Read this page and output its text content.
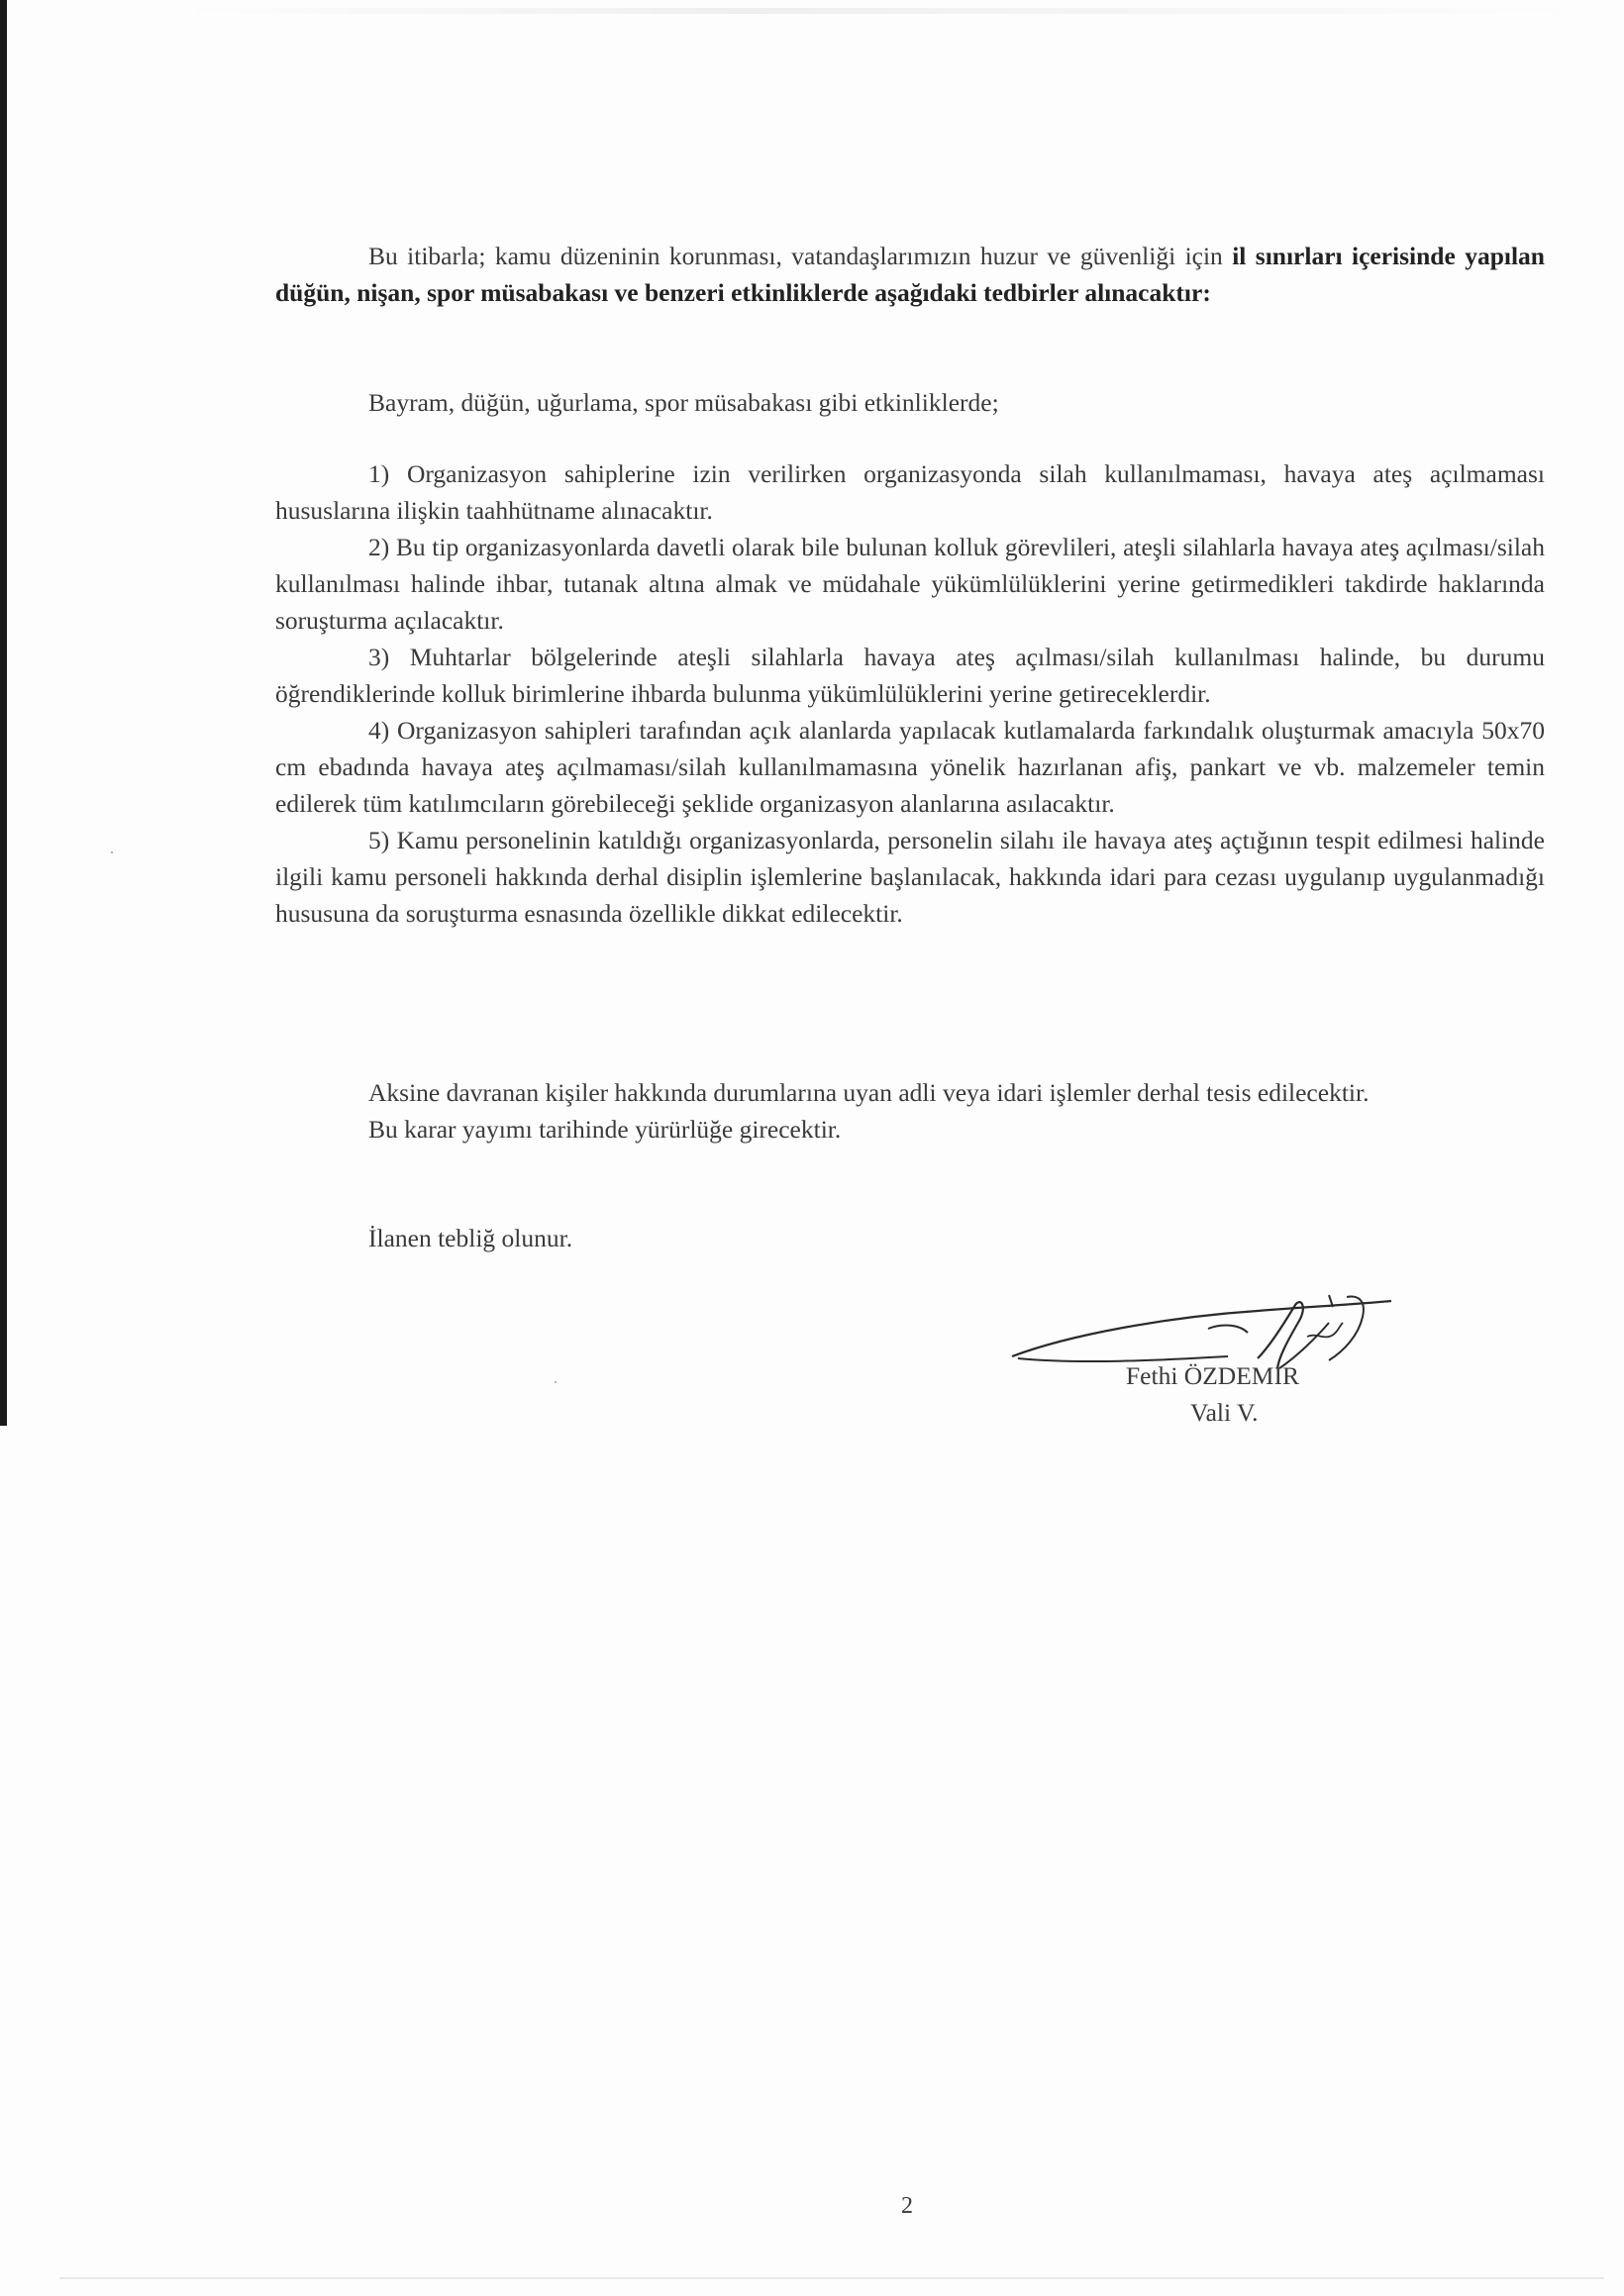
Bu itibarla; kamu düzeninin korunması, vatandaşlarımızın huzur ve güvenliği için il sınırları içerisinde yapılan düğün, nişan, spor müsabakası ve benzeri etkinliklerde aşağıdaki tedbirler alınacaktır:

Bayram, düğün, uğurlama, spor müsabakası gibi etkinliklerde;

1) Organizasyon sahiplerine izin verilirken organizasyonda silah kullanılmaması, havaya ateş açılmaması hususlarına ilişkin taahhütname alınacaktır.

2) Bu tip organizasyonlarda davetli olarak bile bulunan kolluk görevlileri, ateşli silahlarla havaya ateş açılması/silah kullanılması halinde ihbar, tutanak altına almak ve müdahale yükümlülüklerini yerine getirmedikleri takdirde haklarında soruşturma açılacaktır.

3) Muhtarlar bölgelerinde ateşli silahlarla havaya ateş açılması/silah kullanılması halinde, bu durumu öğrendiklerinde kolluk birimlerine ihbarda bulunma yükümlülüklerini yerine getireceklerdir.

4) Organizasyon sahipleri tarafından açık alanlarda yapılacak kutlamalarda farkındalık oluşturmak amacıyla 50x70 cm ebadında havaya ateş açılmaması/silah kullanılmamasına yönelik hazırlanan afiş, pankart ve vb. malzemeler temin edilerek tüm katılımcıların görebileceği şeklide organizasyon alanlarına asılacaktır.

5) Kamu personelinin katıldığı organizasyonlarda, personelin silahı ile havaya ateş açtığının tespit edilmesi halinde ilgili kamu personeli hakkında derhal disiplin işlemlerine başlanılacak, hakkında idari para cezası uygulanıp uygulanmadığı hususuna da soruşturma esnasında özellikle dikkat edilecektir.

Aksine davranan kişiler hakkında durumlarına uyan adli veya idari işlemler derhal tesis edilecektir.

Bu karar yayımı tarihinde yürürlüğe girecektir.

İlanen tebliğ olunur.

Fethi ÖZDEMİR
Vali V.
2
